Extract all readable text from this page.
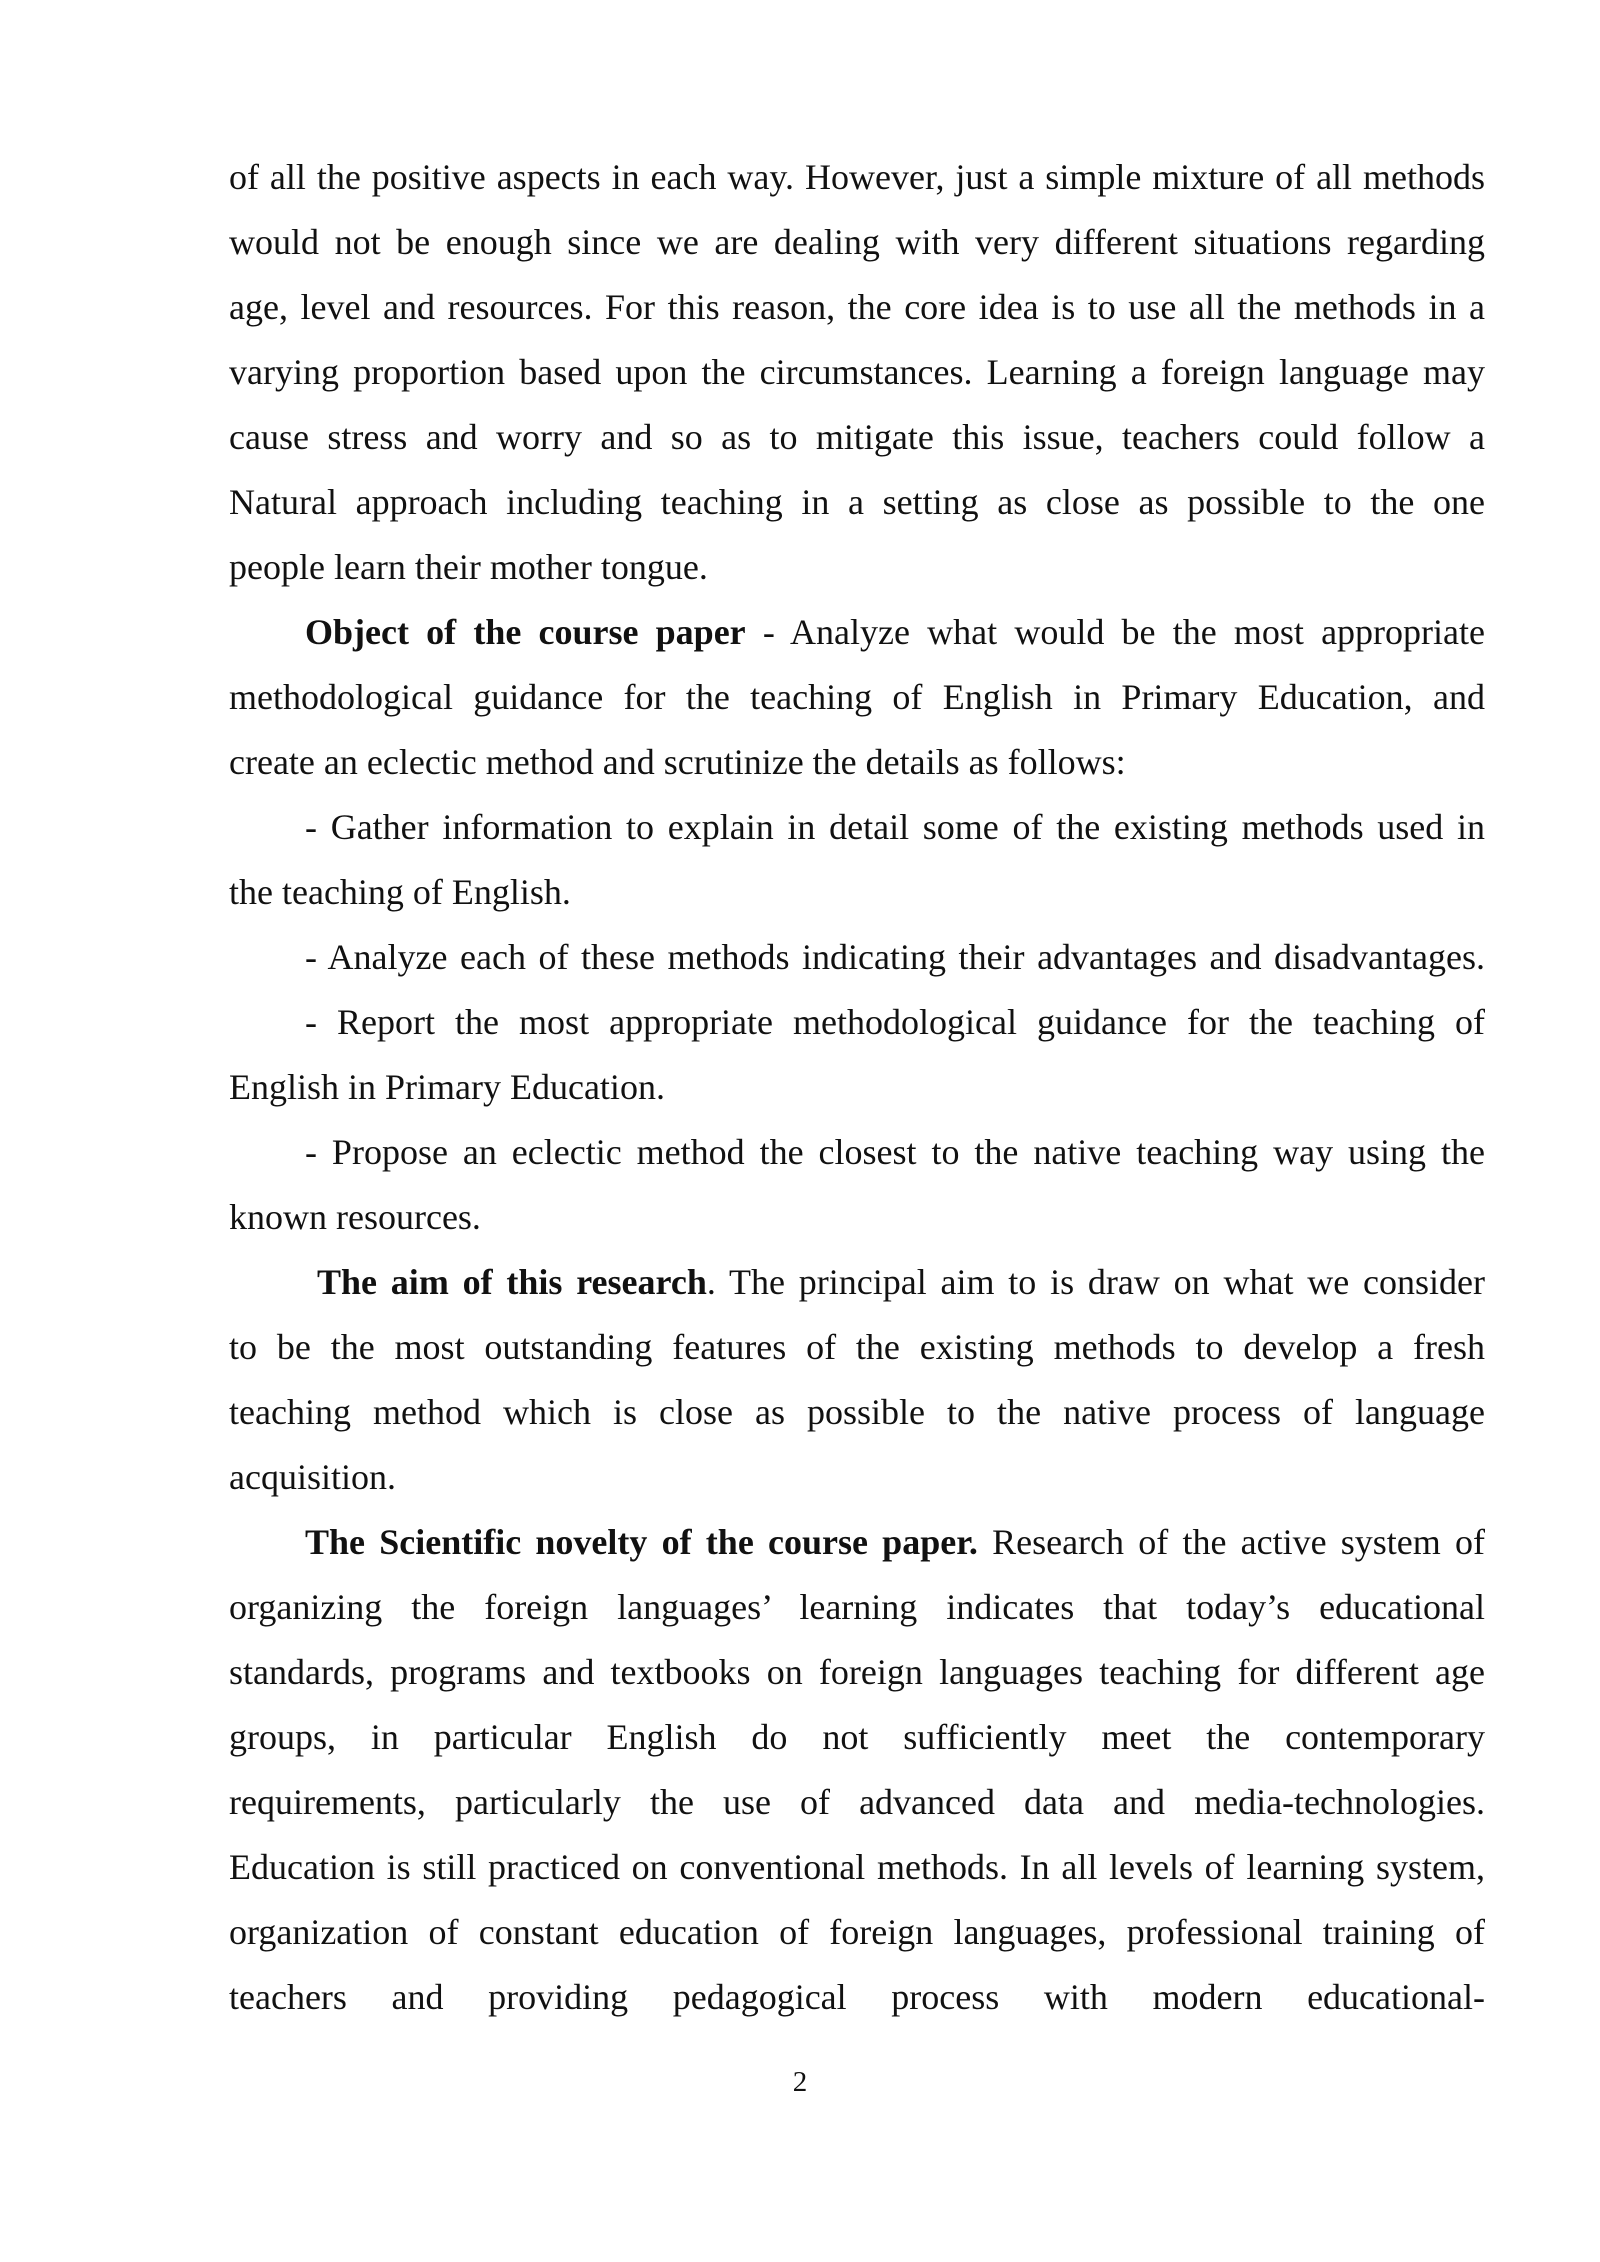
of all the positive aspects in each way. However, just a simple mixture of all methods
would not be enough since we are dealing with very different situations regarding
age, level and resources. For this reason, the core idea is to use all the methods in a
varying proportion based upon the circumstances. Learning a foreign language may
cause stress and worry and so as to mitigate this issue, teachers could follow a
Natural approach including teaching in a setting as close as possible to the one
people learn their mother tongue.
Object of the course paper - Analyze what would be the most appropriate
methodological guidance for the teaching of English in Primary Education, and
create an eclectic method and scrutinize the details as follows:
- Gather information to explain in detail some of the existing methods used in
the teaching of English.
- Analyze each of these methods indicating their advantages and disadvantages.
- Report the most appropriate methodological guidance for the teaching of
English in Primary Education.
- Propose an eclectic method the closest to the native teaching way using the
known resources.
The aim of this research. The principal aim to is draw on what we consider
to be the most outstanding features of the existing methods to develop a fresh
teaching method which is close as possible to the native process of language
acquisition.
The Scientific novelty of the course paper. Research of the active system of
organizing the foreign languages’ learning indicates that today’s educational
standards, programs and textbooks on foreign languages teaching for different age
groups, in particular English do not sufficiently meet the contemporary
requirements, particularly the use of advanced data and media-technologies.
Education is still practiced on conventional methods. In all levels of learning system,
organization of constant education of foreign languages, professional training of
teachers and providing pedagogical process with modern educational-
2
